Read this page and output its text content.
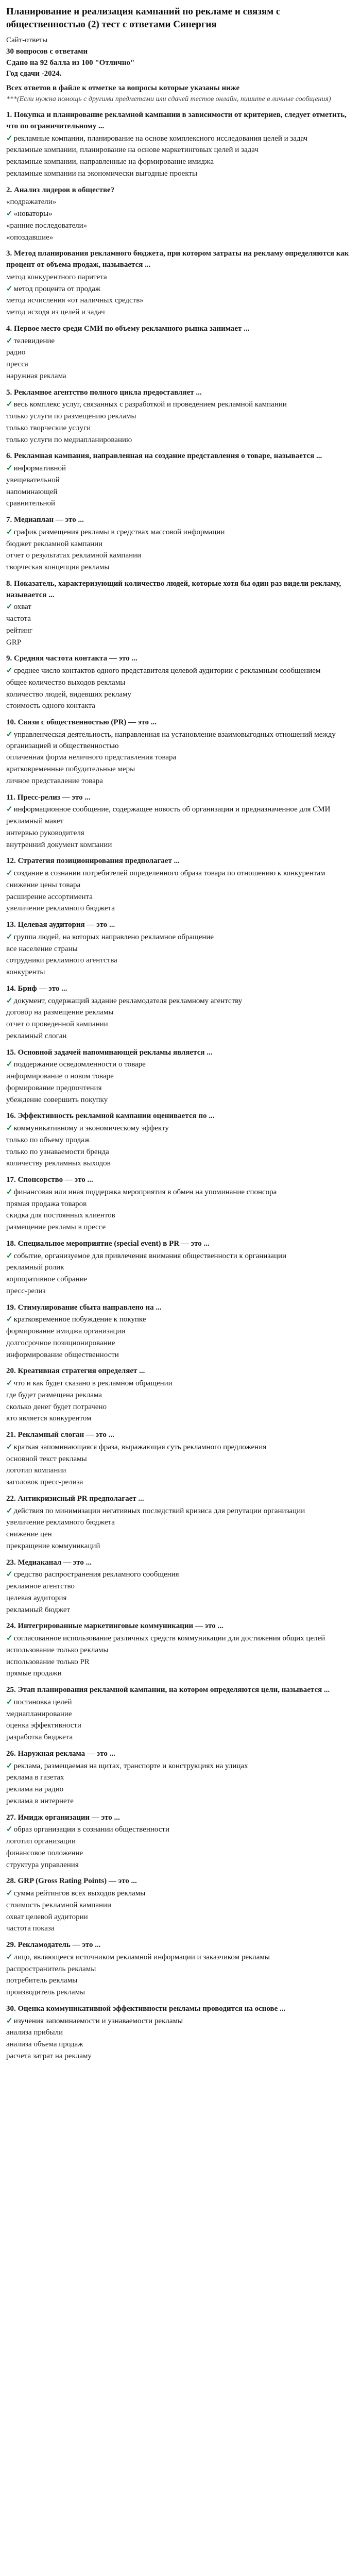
Планирование и реализация кампаний по рекламе и связям с общественностью (2) тест с ответами Синергия

Сайт-ответы

30 вопросов с ответами

Сдано на 92 балла из 100 "Отлично"

Год сдачи -2024.

Всех ответов в файле к отметке за вопросы которые указаны ниже
***(Если нужна помощь с другими предметами или сдачей тестов онлайн, пишите в личные сообщения)
1. Покупка и планирование рекламной кампании в зависимости от критериев, следует отметить, что по ограничительному ...
✓ рекламные компании, планирование на основе комплексного исследования целей и задач
рекламные компании, планирование на основе маркетинговых целей и задач
рекламные компании, направленные на формирование имиджа
рекламные компании на экономически выгодные проекты
2. Анализ лидеров в обществе?
«подражатели»
✓ «новаторы»
«ранние последователи»
«опоздавшие»
3. Метод планирования рекламного бюджета, при котором затраты на рекламу определяются как процент от объема продаж, называется ...
метод конкурентного паритета
✓ метод процента от продаж
метод исчисления «от наличных средств»
метод исходя из целей и задач
4. Первое место среди СМИ по объему рекламного рынка занимает ...
✓ телевидение
радио
пресса
наружная реклама
5. Рекламное агентство полного цикла предоставляет ...
✓ весь комплекс услуг, связанных с разработкой и проведением рекламной кампании
только услуги по размещению рекламы
только творческие услуги
только услуги по медиапланированию
6. Рекламная кампания, направленная на создание представления о товаре, называется ...
✓ информативной
увещевательной
напоминающей
сравнительной
7. Медиаплан — это ...
✓ график размещения рекламы в средствах массовой информации
бюджет рекламной кампании
отчет о результатах рекламной кампании
творческая концепция рекламы
8. Показатель, характеризующий количество людей, которые хотя бы один раз видели рекламу, называется ...
✓ охват
частота
рейтинг
GRP
9. Средняя частота контакта — это ...
✓ среднее число контактов одного представителя целевой аудитории с рекламным сообщением
общее количество выходов рекламы
количество людей, видевших рекламу
стоимость одного контакта
10. Связи с общественностью (PR) — это ...
✓ управленческая деятельность, направленная на установление взаимовыгодных отношений между организацией и общественностью
оплаченная форма неличного представления товара
кратковременные побудительные меры
личное представление товара
11. Пресс-релиз — это ...
✓ информационное сообщение, содержащее новость об организации и предназначенное для СМИ
рекламный макет
интервью руководителя
внутренний документ компании
12. Стратегия позиционирования предполагает ...
✓ создание в сознании потребителей определенного образа товара по отношению к конкурентам
снижение цены товара
расширение ассортимента
увеличение рекламного бюджета
13. Целевая аудитория — это ...
✓ группа людей, на которых направлено рекламное обращение
все население страны
сотрудники рекламного агентства
конкуренты
14. Бриф — это ...
✓ документ, содержащий задание рекламодателя рекламному агентству
договор на размещение рекламы
отчет о проведенной кампании
рекламный слоган
15. Основной задачей напоминающей рекламы является ...
✓ поддержание осведомленности о товаре
информирование о новом товаре
формирование предпочтения
убеждение совершить покупку
16. Эффективность рекламной кампании оценивается по ...
✓ коммуникативному и экономическому эффекту
только по объему продаж
только по узнаваемости бренда
количеству рекламных выходов
17. Спонсорство — это ...
✓ финансовая или иная поддержка мероприятия в обмен на упоминание спонсора
прямая продажа товаров
скидка для постоянных клиентов
размещение рекламы в прессе
18. Специальное мероприятие (special event) в PR — это ...
✓ событие, организуемое для привлечения внимания общественности к организации
рекламный ролик
корпоративное собрание
пресс-релиз
19. Стимулирование сбыта направлено на ...
✓ кратковременное побуждение к покупке
формирование имиджа организации
долгосрочное позиционирование
информирование общественности
20. Креативная стратегия определяет ...
✓ что и как будет сказано в рекламном обращении
где будет размещена реклама
сколько денег будет потрачено
кто является конкурентом
21. Рекламный слоган — это ...
✓ краткая запоминающаяся фраза, выражающая суть рекламного предложения
основной текст рекламы
логотип компании
заголовок пресс-релиза
22. Антикризисный PR предполагает ...
✓ действия по минимизации негативных последствий кризиса для репутации организации
увеличение рекламного бюджета
снижение цен
прекращение коммуникаций
23. Медиаканал — это ...
✓ средство распространения рекламного сообщения
рекламное агентство
целевая аудитория
рекламный бюджет
24. Интегрированные маркетинговые коммуникации — это ...
✓ согласованное использование различных средств коммуникации для достижения общих целей
использование только рекламы
использование только PR
прямые продажи
25. Этап планирования рекламной кампании, на котором определяются цели, называется ...
✓ постановка целей
медиапланирование
оценка эффективности
разработка бюджета
26. Наружная реклама — это ...
✓ реклама, размещаемая на щитах, транспорте и конструкциях на улицах
реклама в газетах
реклама на радио
реклама в интернете
27. Имидж организации — это ...
✓ образ организации в сознании общественности
логотип организации
финансовое положение
структура управления
28. GRP (Gross Rating Points) — это ...
✓ сумма рейтингов всех выходов рекламы
стоимость рекламной кампании
охват целевой аудитории
частота показа
29. Рекламодатель — это ...
✓ лицо, являющееся источником рекламной информации и заказчиком рекламы
распространитель рекламы
потребитель рекламы
производитель рекламы
30. Оценка коммуникативной эффективности рекламы проводится на основе ...
✓ изучения запоминаемости и узнаваемости рекламы
анализа прибыли
анализа объема продаж
расчета затрат на рекламу
